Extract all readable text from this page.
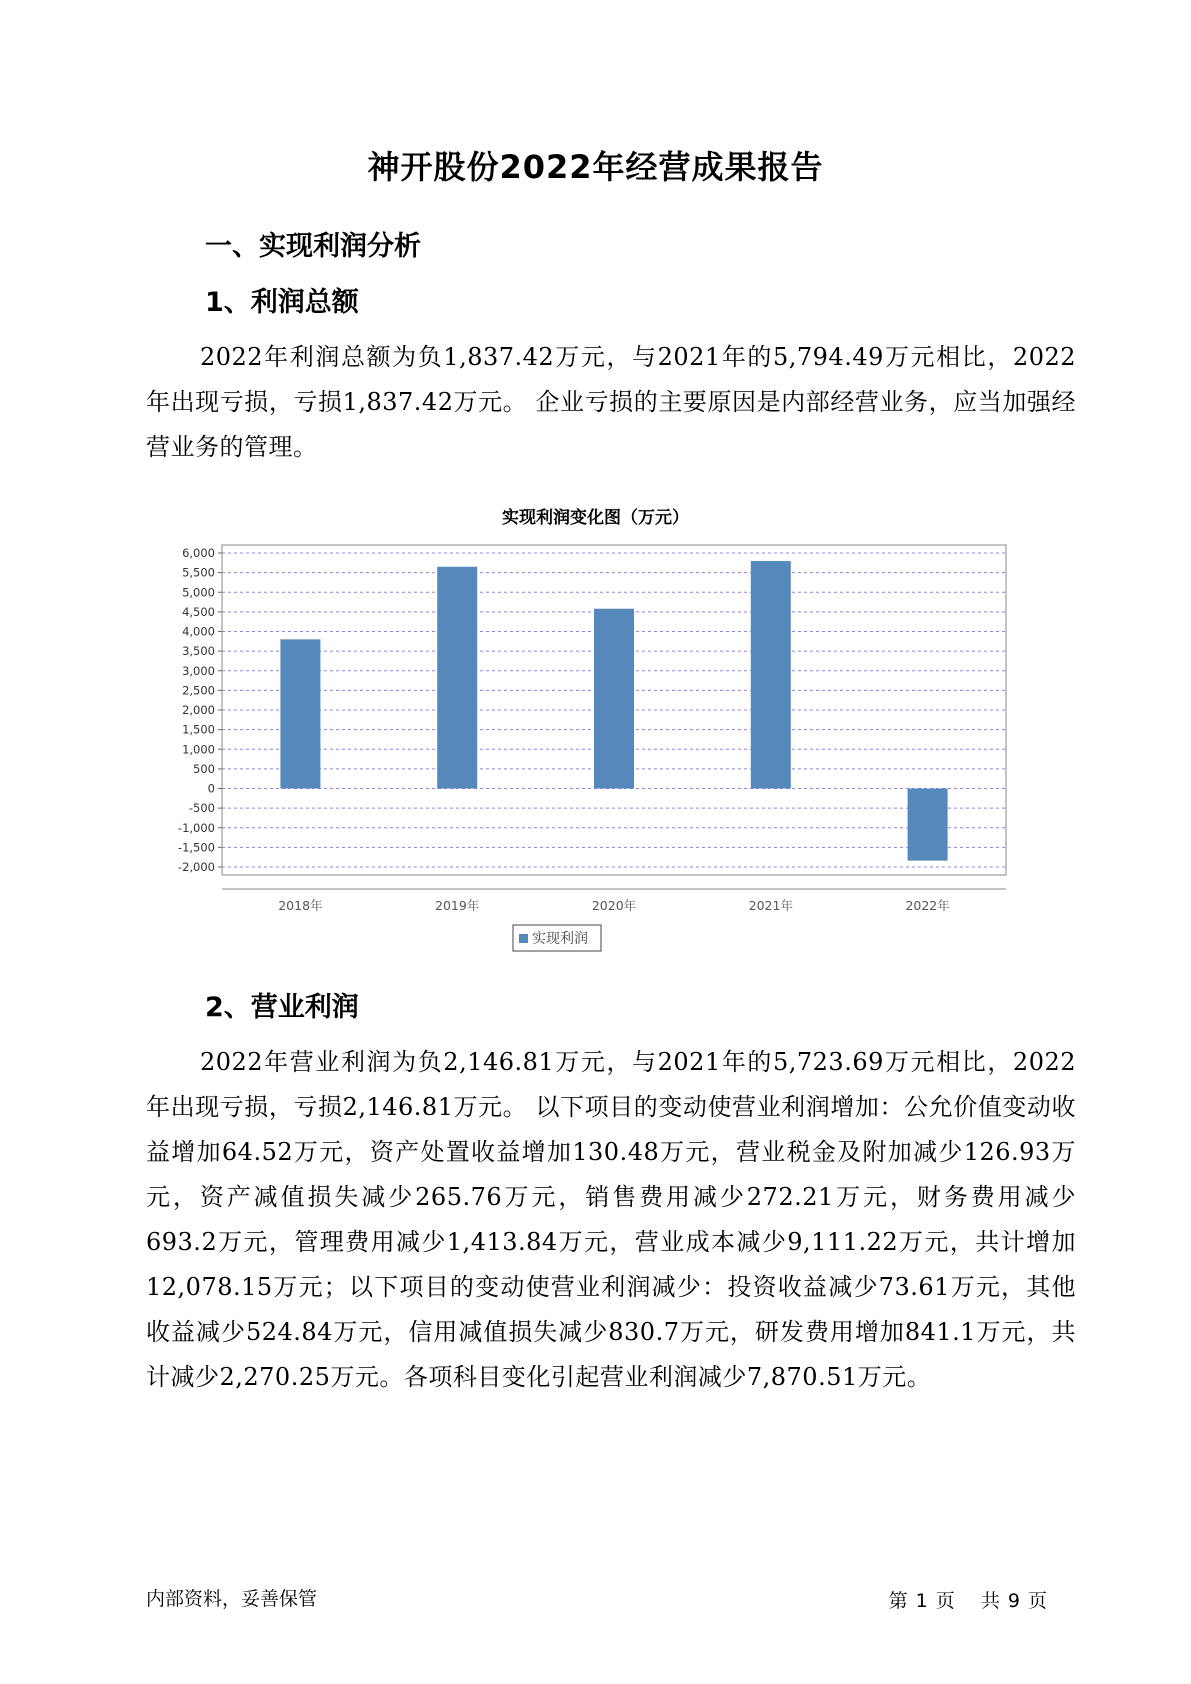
神开股份2022年经营成果报告
一、实现利润分析
1、利润总额
2022年利润总额为负1,837.42万元，与2021年的5,794.49万元相比，2022年出现亏损，亏损1,837.42万元。 企业亏损的主要原因是内部经营业务，应当加强经营业务的管理。
实现利润变化图（万元）
6,000
5,500
5,000
4,500
4,000
3,500
3,000
2,500
2,000
1,500
1,000
500
0
-500
-1,000
-1,500
-2,000
2018年	2019年	2020年	2021年	2022年
实现利润
2、营业利润
2022年营业利润为负2,146.81万元，与2021年的5,723.69万元相比，2022年出现亏损，亏损2,146.81万元。 以下项目的变动使营业利润增加：公允价值变动收益增加64.52万元，资产处置收益增加130.48万元，营业税金及附加减少126.93万元，资产减值损失减少265.76万元，销售费用减少272.21万元，财务费用减少693.2万元，管理费用减少1,413.84万元，营业成本减少9,111.22万元，共计增加12,078.15万元；以下项目的变动使营业利润减少：投资收益减少73.61万元，其他收益减少524.84万元，信用减值损失减少830.7万元，研发费用增加841.1万元，共计减少2,270.25万元。各项科目变化引起营业利润减少7,870.51万元。
内部资料，妥善保管	第 1 页 共 9 页
